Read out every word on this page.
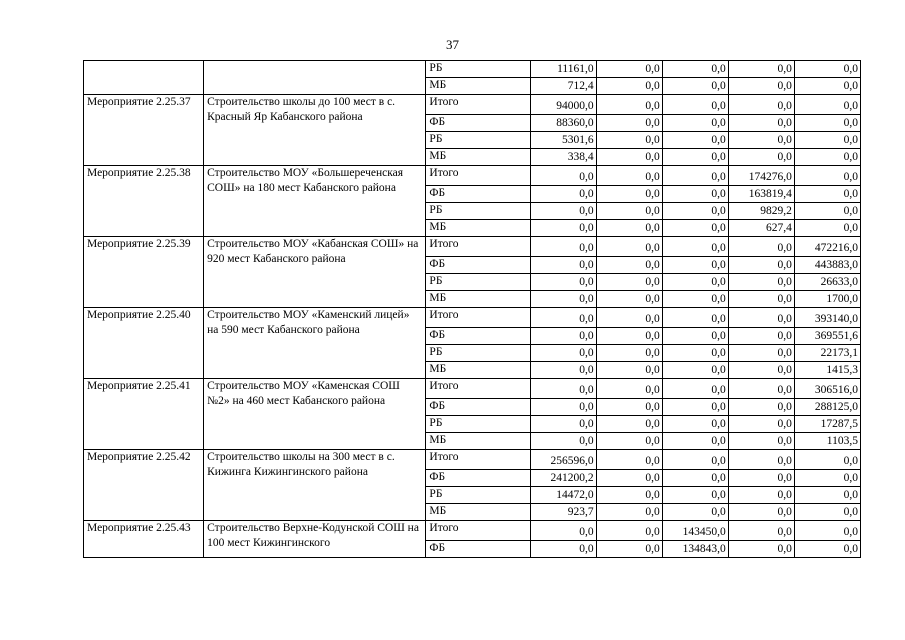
37
		РБ	11161,0	0,0	0,0	0,0	0,0
		МБ	712,4	0,0	0,0	0,0	0,0
Мероприятие 2.25.37	Строительство школы до 100 мест в с. Красный Яр Кабанского района	Итого	94000,0	0,0	0,0	0,0	0,0
		ФБ	88360,0	0,0	0,0	0,0	0,0
		РБ	5301,6	0,0	0,0	0,0	0,0
		МБ	338,4	0,0	0,0	0,0	0,0
Мероприятие 2.25.38	Строительство МОУ «Большереченская СОШ» на 180 мест Кабанского района	Итого	0,0	0,0	0,0	174276,0	0,0
		ФБ	0,0	0,0	0,0	163819,4	0,0
		РБ	0,0	0,0	0,0	9829,2	0,0
		МБ	0,0	0,0	0,0	627,4	0,0
Мероприятие 2.25.39	Строительство МОУ «Кабанская СОШ» на 920 мест Кабанского района	Итого	0,0	0,0	0,0	0,0	472216,0
		ФБ	0,0	0,0	0,0	0,0	443883,0
		РБ	0,0	0,0	0,0	0,0	26633,0
		МБ	0,0	0,0	0,0	0,0	1700,0
Мероприятие 2.25.40	Строительство МОУ «Каменский лицей» на 590 мест Кабанского района	Итого	0,0	0,0	0,0	0,0	393140,0
		ФБ	0,0	0,0	0,0	0,0	369551,6
		РБ	0,0	0,0	0,0	0,0	22173,1
		МБ	0,0	0,0	0,0	0,0	1415,3
Мероприятие 2.25.41	Строительство МОУ «Каменская СОШ №2» на 460 мест Кабанского района	Итого	0,0	0,0	0,0	0,0	306516,0
		ФБ	0,0	0,0	0,0	0,0	288125,0
		РБ	0,0	0,0	0,0	0,0	17287,5
		МБ	0,0	0,0	0,0	0,0	1103,5
Мероприятие 2.25.42	Строительство школы на 300 мест в с. Кижинга Кижингинского района	Итого	256596,0	0,0	0,0	0,0	0,0
		ФБ	241200,2	0,0	0,0	0,0	0,0
		РБ	14472,0	0,0	0,0	0,0	0,0
		МБ	923,7	0,0	0,0	0,0	0,0
Мероприятие 2.25.43	Строительство Верхне-Кодунской СОШ на 100 мест Кижингинского	Итого	0,0	0,0	143450,0	0,0	0,0
		ФБ	0,0	0,0	134843,0	0,0	0,0
